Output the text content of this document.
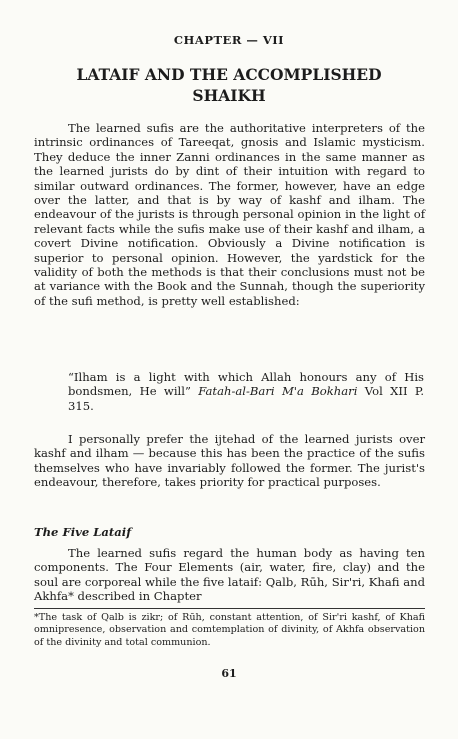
CHAPTER — VII
LATAIF AND THE ACCOMPLISHED
SHAIKH
The learned sufis are the authoritative interpreters of the intrinsic ordinances of Tareeqat, gnosis and Islamic mysticism. They deduce the inner Zanni ordinances in the same manner as the learned jurists do by dint of their intuition with regard to similar outward ordinances. The former, however, have an edge over the latter, and that is by way of kashf and ilham. The endeavour of the jurists is through personal opinion in the light of relevant facts while the sufis make use of their kashf and ilham, a covert Divine notification. Obviously a Divine notification is superior to personal opinion. However, the yardstick for the validity of both the methods is that their conclusions must not be at variance with the Book and the Sunnah, though the superiority of the sufi method, is pretty well established:
“Ilham is a light with which Allah honours any of His bondsmen, He will” Fatah-al-Bari M'a Bokhari Vol XII P. 315.
I personally prefer the ijtehad of the learned jurists over kashf and ilham — because this has been the practice of the sufis themselves who have invariably followed the former. The jurist's endeavour, therefore, takes priority for practical purposes.
The Five Lataif
The learned sufis regard the human body as having ten components. The Four Elements (air, water, fire, clay) and the soul are corporeal while the five lataif: Qalb, Rūh, Sir'ri, Khafi and Akhfa* described in Chapter
*The task of Qalb is zikr; of Rūh, constant attention, of Sir'ri kashf, of Khafi omnipresence, observation and comtemplation of divinity, of Akhfa observation of the divinity and total communion.
61
